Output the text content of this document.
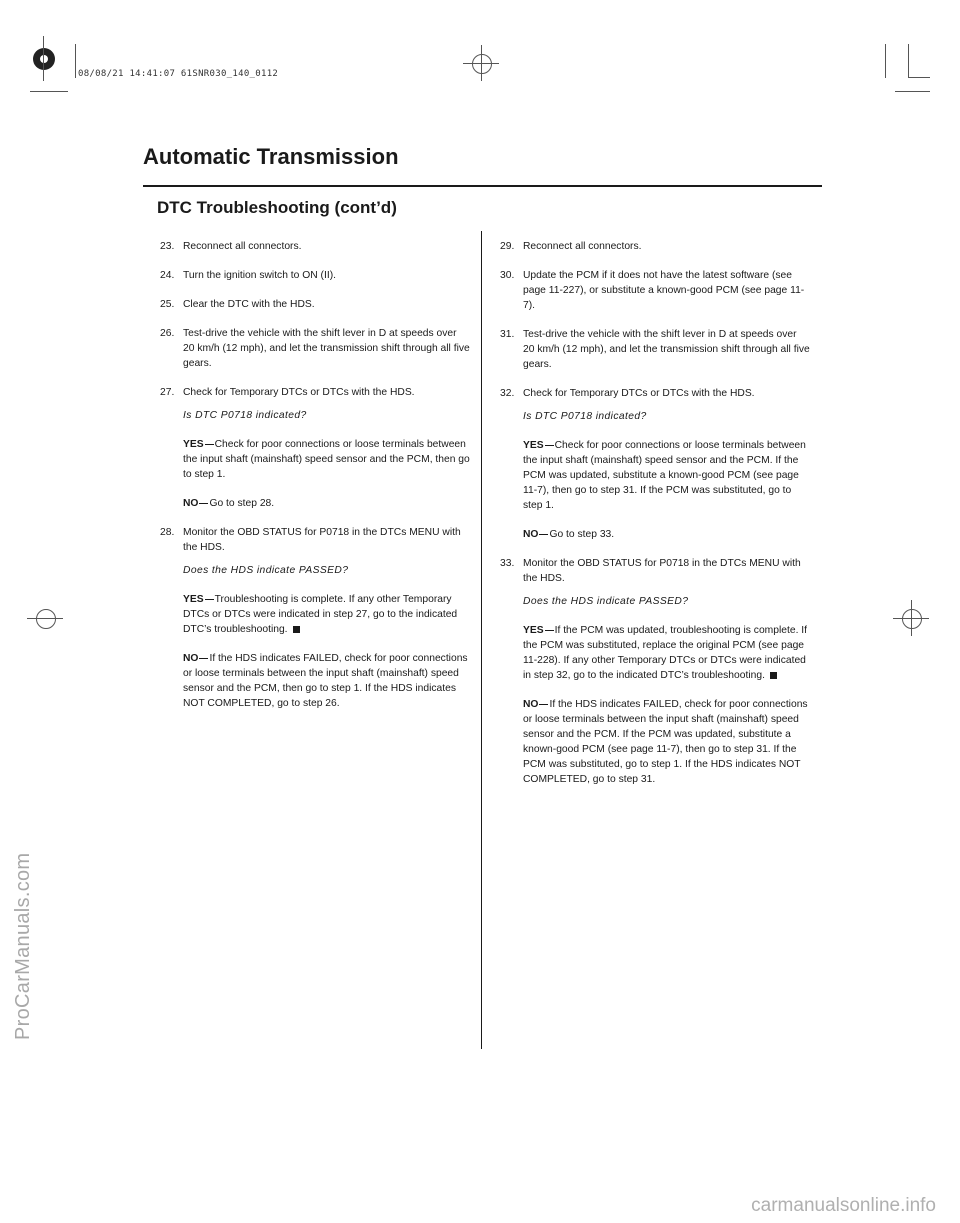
08/08/21 14:41:07 61SNR030_140_0112
Automatic Transmission
DTC Troubleshooting (cont’d)
23. Reconnect all connectors.
24. Turn the ignition switch to ON (II).
25. Clear the DTC with the HDS.
26. Test-drive the vehicle with the shift lever in D at speeds over 20 km/h (12 mph), and let the transmission shift through all five gears.
27. Check for Temporary DTCs or DTCs with the HDS.
Is DTC P0718 indicated?
YES Check for poor connections or loose terminals between the input shaft (mainshaft) speed sensor and the PCM, then go to step 1.
NO Go to step 28.
28. Monitor the OBD STATUS for P0718 in the DTCs MENU with the HDS.
Does the HDS indicate PASSED?
YES Troubleshooting is complete. If any other Temporary DTCs or DTCs were indicated in step 27, go to the indicated DTC’s troubleshooting.
NO If the HDS indicates FAILED, check for poor connections or loose terminals between the input shaft (mainshaft) speed sensor and the PCM, then go to step 1. If the HDS indicates NOT COMPLETED, go to step 26.
29. Reconnect all connectors.
30. Update the PCM if it does not have the latest software (see page 11-227), or substitute a known-good PCM (see page 11-7).
31. Test-drive the vehicle with the shift lever in D at speeds over 20 km/h (12 mph), and let the transmission shift through all five gears.
32. Check for Temporary DTCs or DTCs with the HDS.
Is DTC P0718 indicated?
YES Check for poor connections or loose terminals between the input shaft (mainshaft) speed sensor and the PCM. If the PCM was updated, substitute a known-good PCM (see page 11-7), then go to step 31. If the PCM was substituted, go to step 1.
NO Go to step 33.
33. Monitor the OBD STATUS for P0718 in the DTCs MENU with the HDS.
Does the HDS indicate PASSED?
YES If the PCM was updated, troubleshooting is complete. If the PCM was substituted, replace the original PCM (see page 11-228). If any other Temporary DTCs or DTCs were indicated in step 32, go to the indicated DTC’s troubleshooting.
NO If the HDS indicates FAILED, check for poor connections or loose terminals between the input shaft (mainshaft) speed sensor and the PCM. If the PCM was updated, substitute a known-good PCM (see page 11-7), then go to step 31. If the PCM was substituted, go to step 1. If the HDS indicates NOT COMPLETED, go to step 31.
ProCarManuals.com
carmanualsonline.info
